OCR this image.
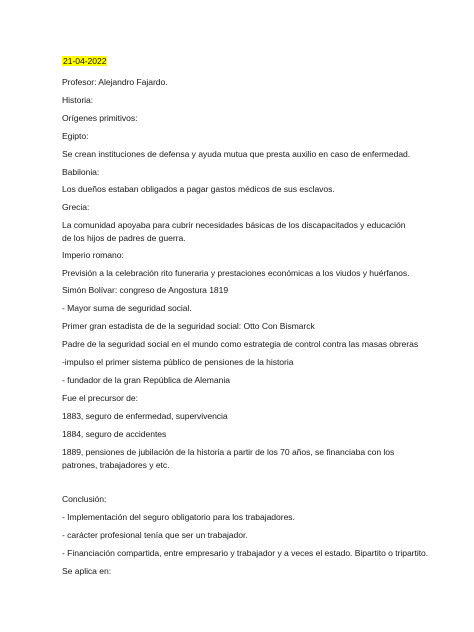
21-04-2022
Profesor: Alejandro Fajardo.
Historia:
Orígenes primitivos:
Egipto:
Se crean instituciones de defensa y ayuda mutua que presta auxilio en caso de enfermedad.
Babilonia:
Los dueños estaban obligados a pagar gastos médicos de sus esclavos.
Grecia:
La comunidad apoyaba para cubrir necesidades básicas de los discapacitados y educación de los hijos de padres de guerra.
Imperio romano:
Previsión a la celebración rito funeraria y prestaciones económicas a los viudos y huérfanos.
Simón Bolívar: congreso de Angostura 1819
- Mayor suma de seguridad social.
Primer gran estadista de de la seguridad social: Otto Con Bismarck
Padre de la seguridad social en el mundo como estrategia de control contra las masas obreras
-impulso el primer sistema público de pensiones de la historia
- fundador de la gran República de Alemania
Fue el precursor de:
1883, seguro de enfermedad, supervivencia
1884, seguro de accidentes
1889, pensiones de jubilación de la historia a partir de los 70 años, se financiaba con los patrones, trabajadores y etc.
Conclusión:
- Implementación del seguro obligatorio para los trabajadores.
- carácter profesional tenía que ser un trabajador.
- Financiación compartida, entre empresario y trabajador y a veces el estado. Bipartito o tripartito.
Se aplica en:
